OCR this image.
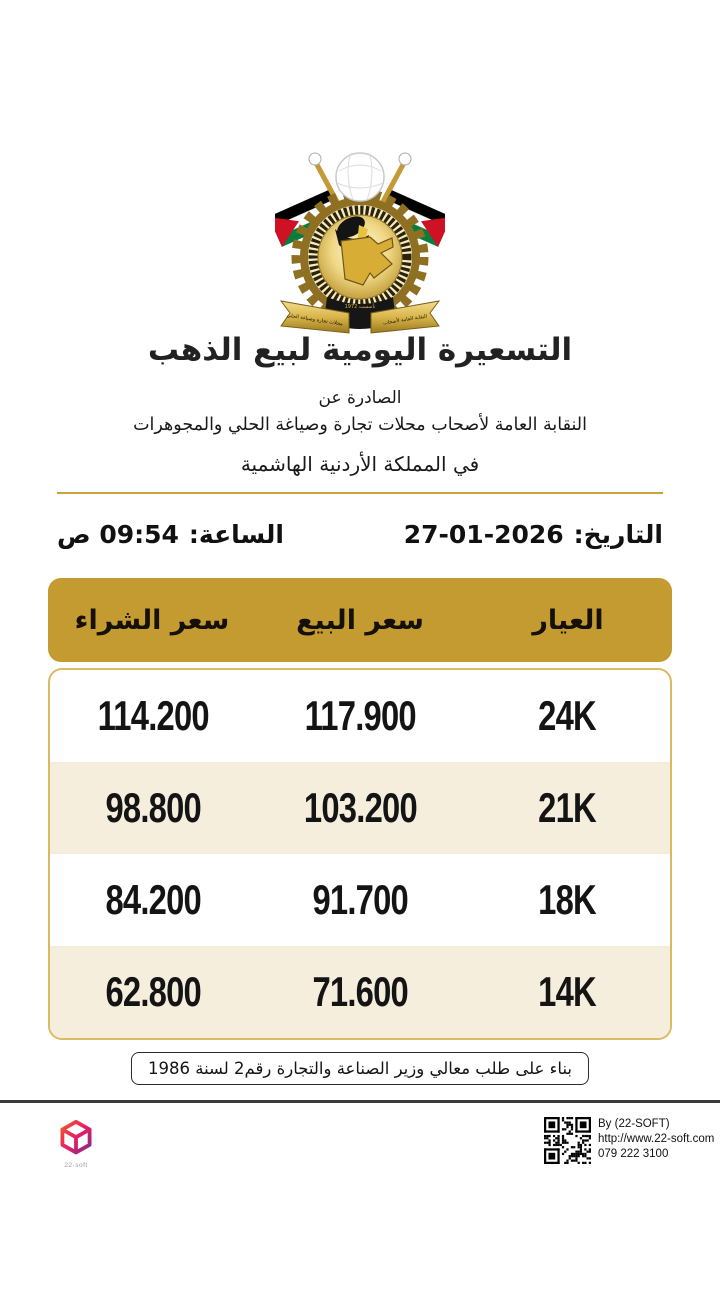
تأسست 1972
محلات تجارة وصياغة الحلي	النقابة العامة لأصحاب
التسعيرة اليومية لبيع الذهب
الصادرة عن
النقابة العامة لأصحاب محلات تجارة وصياغة الحلي والمجوهرات
في المملكة الأردنية الهاشمية
التاريخ:
27-01-2026
الساعة:
09:54 ص
العيار
سعر البيع
سعر الشراء
24K
117.900
114.200
21K
103.200
98.800
18K
91.700
84.200
14K
71.600
62.800
بناء على طلب معالي وزير الصناعة والتجارة رقم2 لسنة 1986
22-soft
By (22-SOFT)
http://www.22-soft.com
079 222 3100
